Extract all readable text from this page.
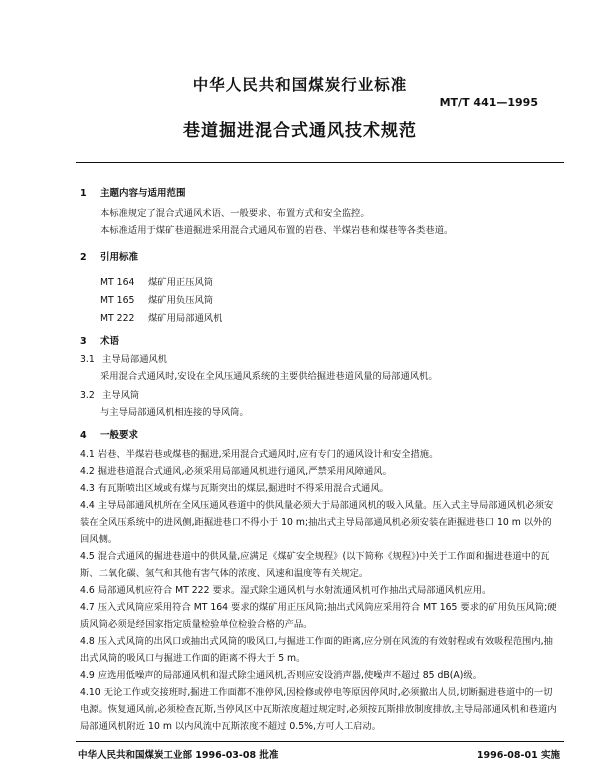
中华人民共和国煤炭行业标准
MT/T 441—1995
巷道掘进混合式通风技术规范
1 主题内容与适用范围
本标准规定了混合式通风术语、一般要求、布置方式和安全监控。
本标准适用于煤矿巷道掘进采用混合式通风布置的岩巷、半煤岩巷和煤巷等各类巷道。
2 引用标准
MT 164 煤矿用正压风筒
MT 165 煤矿用负压风筒
MT 222 煤矿用局部通风机
3 术语
3.1 主导局部通风机
采用混合式通风时,安设在全风压通风系统的主要供给掘进巷道风量的局部通风机。
3.2 主导风筒
与主导局部通风机相连接的导风筒。
4 一般要求
4.1 岩巷、半煤岩巷或煤巷的掘进,采用混合式通风时,应有专门的通风设计和安全措施。
4.2 掘进巷道混合式通风,必须采用局部通风机进行通风,严禁采用风障通风。
4.3 有瓦斯喷出区域或有煤与瓦斯突出的煤层,掘进时不得采用混合式通风。
4.4 主导局部通风机所在全风压通风巷道中的供风量必须大于局部通风机的吸入风量。压入式主导局部通风机必须安装在全风压系统中的进风侧,距掘进巷口不得小于 10 m;抽出式主导局部通风机必须安装在距掘进巷口 10 m 以外的回风侧。
4.5 混合式通风的掘进巷道中的供风量,应满足《煤矿安全规程》(以下简称《规程》)中关于工作面和掘进巷道中的瓦斯、二氧化碳、氢气和其他有害气体的浓度、风速和温度等有关规定。
4.6 局部通风机应符合 MT 222 要求。湿式除尘通风机与水射流通风机可作抽出式局部通风机应用。
4.7 压入式风筒应采用符合 MT 164 要求的煤矿用正压风筒;抽出式风筒应采用符合 MT 165 要求的矿用负压风筒;硬质风筒必须是经国家指定质量检验单位检验合格的产品。
4.8 压入式风筒的出风口或抽出式风筒的吸风口,与掘进工作面的距离,应分别在风流的有效射程或有效吸程范围内,抽出式风筒的吸风口与掘进工作面的距离不得大于 5 m。
4.9 应选用低噪声的局部通风机和湿式除尘通风机,否则应安设消声器,使噪声不超过 85 dB(A)级。
4.10 无论工作或交接班时,掘进工作面都不准停风,因检修或停电等原因停风时,必须撤出人员,切断掘进巷道中的一切电源。恢复通风前,必须检查瓦斯,当停风区中瓦斯浓度超过规定时,必须按瓦斯排放制度排放,主导局部通风机和巷道内局部通风机附近 10 m 以内风流中瓦斯浓度不超过 0.5%,方可人工启动。
中华人民共和国煤炭工业部 1996-03-08 批准	1996-08-01 实施
